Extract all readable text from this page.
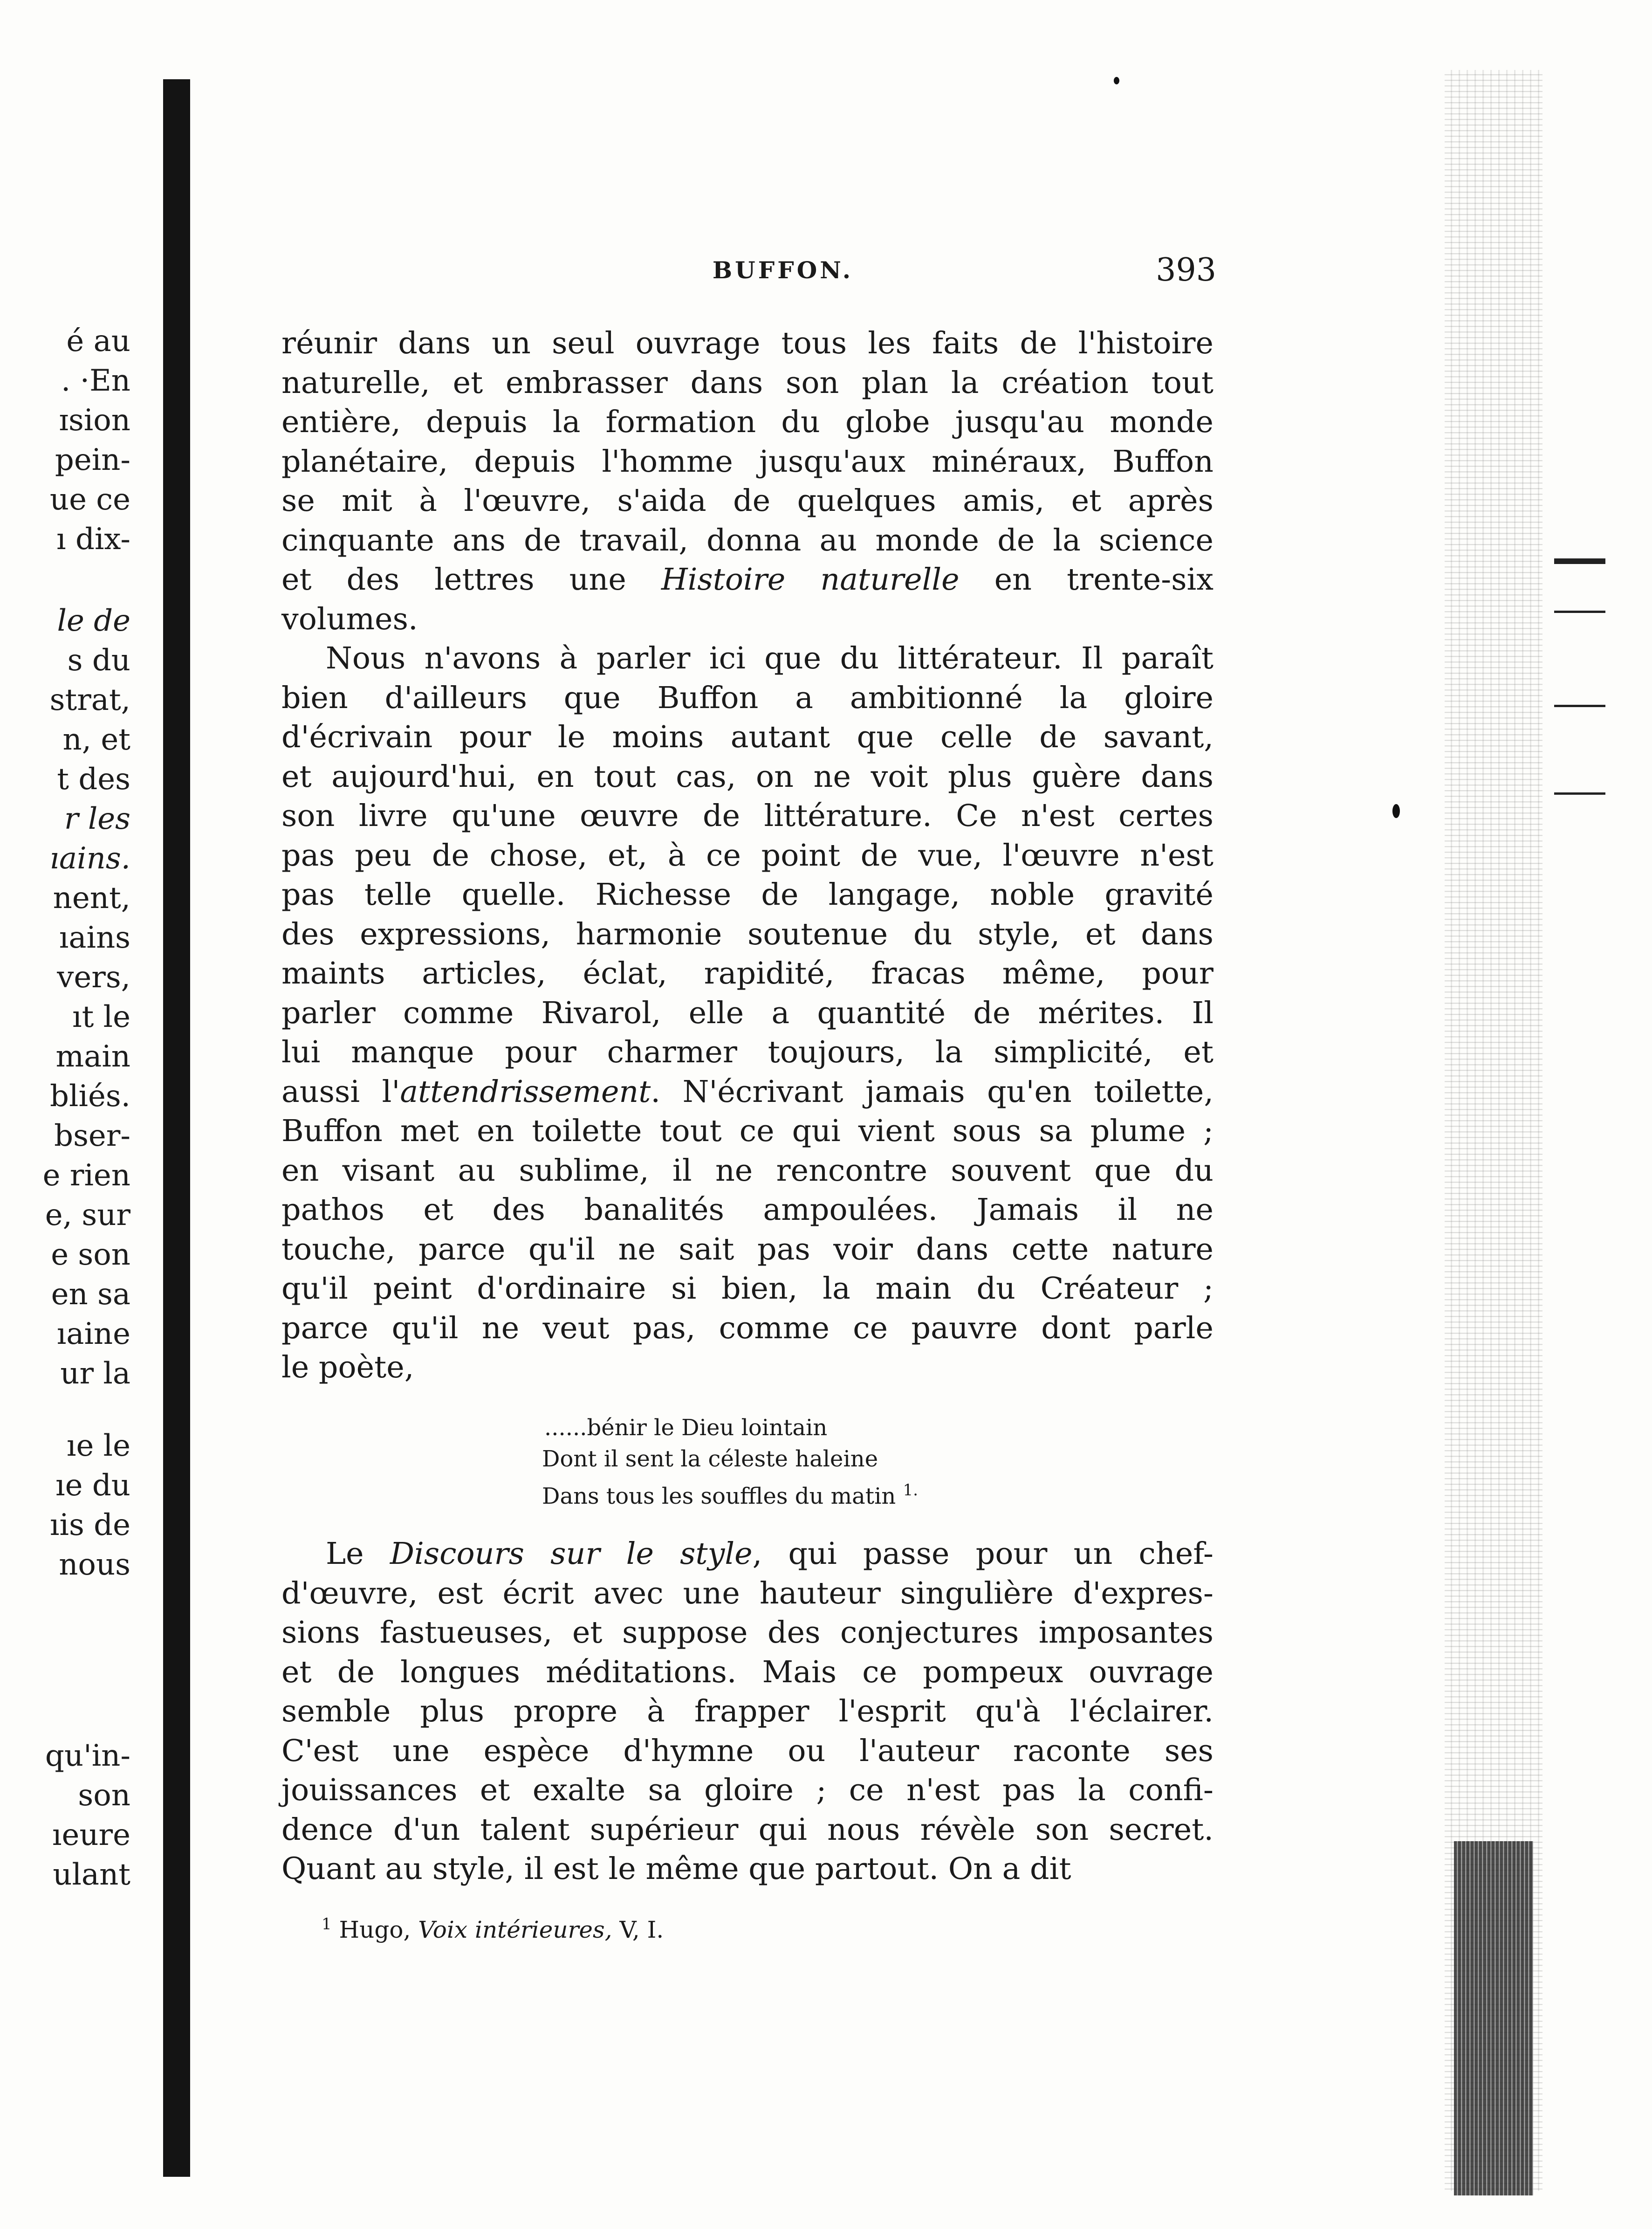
é au
. ·En
ɪsion
pein-
ue ce
ı dix-
le de
s du
strat,
n, et
t des
r les
ıains.
nent,
ıains
vers,
ıt le
main
bliés.
bser-
e rien
e, sur
e son
en sa
ıaine
ur la
ıe le
ıe du
ıis de
nous
qu'in-
son
ıeure
ulant
BUFFON.	393
réunir dans un seul ouvrage tous les faits de l'histoire
naturelle, et embrasser dans son plan la création tout
entière, depuis la formation du globe jusqu'au monde
planétaire, depuis l'homme jusqu'aux minéraux, Buffon
se mit à l'œuvre, s'aida de quelques amis, et après
cinquante ans de travail, donna au monde de la science
et des lettres une Histoire naturelle en trente-six
volumes.
Nous n'avons à parler ici que du littérateur. Il paraît
bien d'ailleurs que Buffon a ambitionné la gloire
d'écrivain pour le moins autant que celle de savant,
et aujourd'hui, en tout cas, on ne voit plus guère dans
son livre qu'une œuvre de littérature. Ce n'est certes
pas peu de chose, et, à ce point de vue, l'œuvre n'est
pas telle quelle. Richesse de langage, noble gravité
des expressions, harmonie soutenue du style, et dans
maints articles, éclat, rapidité, fracas même, pour
parler comme Rivarol, elle a quantité de mérites. Il
lui manque pour charmer toujours, la simplicité, et
aussi l'attendrissement. N'écrivant jamais qu'en toilette,
Buffon met en toilette tout ce qui vient sous sa plume ;
en visant au sublime, il ne rencontre souvent que du
pathos et des banalités ampoulées. Jamais il ne
touche, parce qu'il ne sait pas voir dans cette nature
qu'il peint d'ordinaire si bien, la main du Créateur ;
parce qu'il ne veut pas, comme ce pauvre dont parle
le poète,
......bénir le Dieu lointain
Dont il sent la céleste haleine
Dans tous les souffles du matin $^{1.}$
Le Discours sur le style, qui passe pour un chef-
d'œuvre, est écrit avec une hauteur singulière d'expres-
sions fastueuses, et suppose des conjectures imposantes
et de longues méditations. Mais ce pompeux ouvrage
semble plus propre à frapper l'esprit qu'à l'éclairer.
C'est une espèce d'hymne ou l'auteur raconte ses
jouissances et exalte sa gloire ; ce n'est pas la confi-
dence d'un talent supérieur qui nous révèle son secret.
Quant au style, il est le même que partout. On a dit
$^1$ Hugo, Voix intérieures, V, I.
